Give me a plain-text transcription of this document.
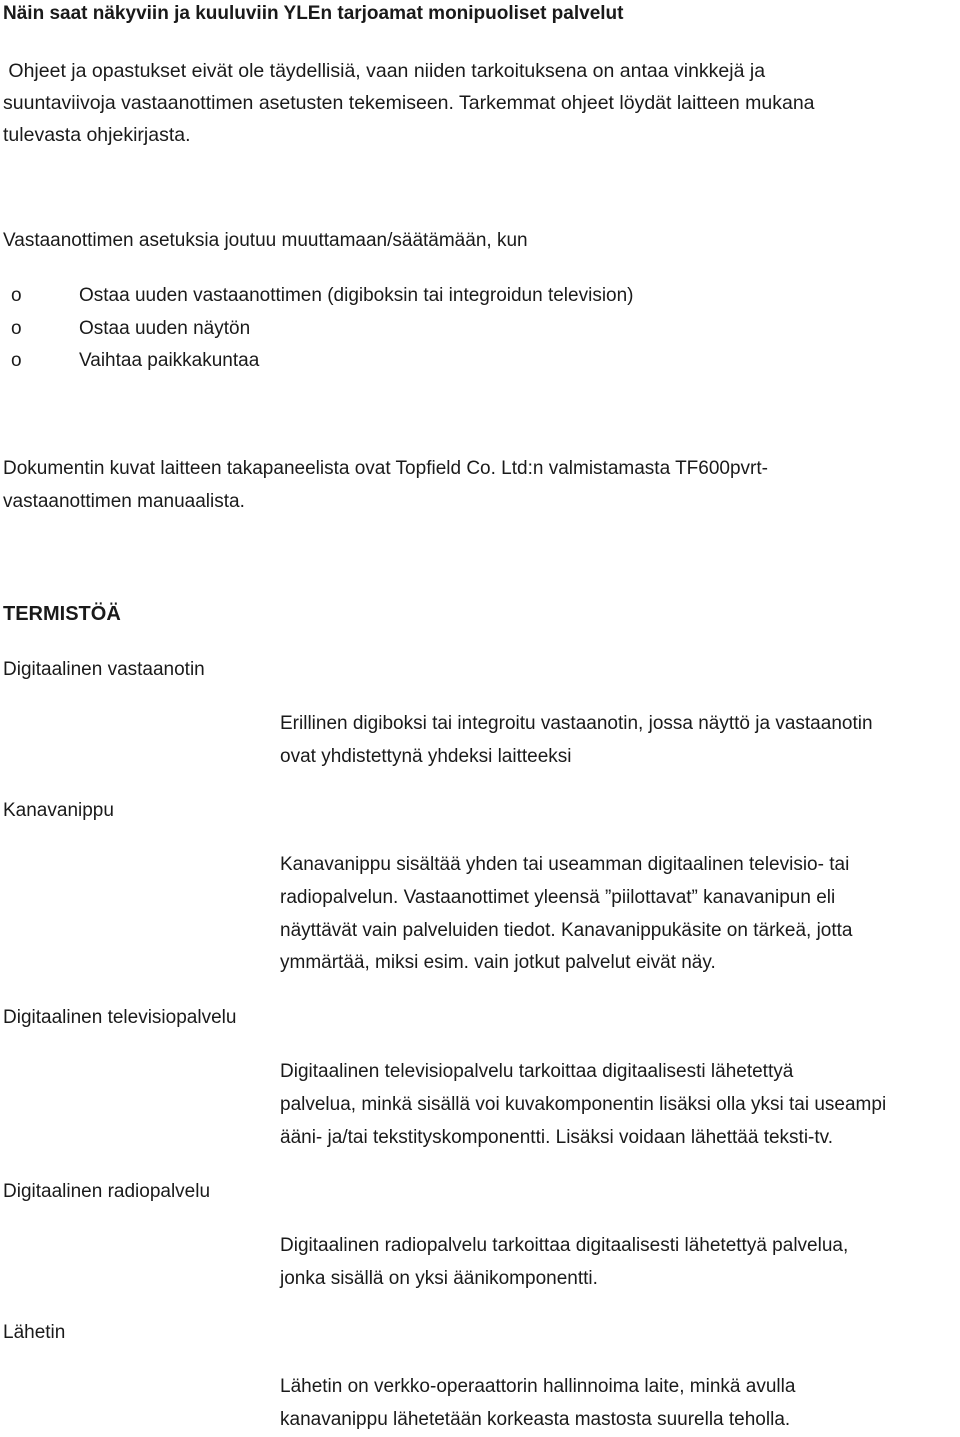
Näin saat näkyviin ja kuuluviin YLEn tarjoamat monipuoliset palvelut
Ohjeet ja opastukset eivät ole täydellisiä, vaan niiden tarkoituksena on antaa vinkkejä ja
suuntaviivoja vastaanottimen asetusten tekemiseen. Tarkemmat ohjeet löydät laitteen mukana
tulevasta ohjekirjasta.
Vastaanottimen asetuksia joutuu muuttamaan/säätämään, kun
o	Ostaa uuden vastaanottimen (digiboksin tai integroidun television)
o	Ostaa uuden näytön
o	Vaihtaa paikkakuntaa
Dokumentin kuvat laitteen takapaneelista ovat Topfield Co. Ltd:n valmistamasta TF600pvrt-
vastaanottimen manuaalista.
TERMISTÖÄ
Digitaalinen vastaanotin
Erillinen digiboksi tai integroitu vastaanotin, jossa näyttö ja vastaanotin
ovat yhdistettynä yhdeksi laitteeksi
Kanavanippu
Kanavanippu sisältää yhden tai useamman digitaalinen televisio- tai
radiopalvelun. Vastaanottimet yleensä ”piilottavat” kanavanipun eli
näyttävät vain palveluiden tiedot. Kanavanippukäsite on tärkeä, jotta
ymmärtää, miksi esim. vain jotkut palvelut eivät näy.
Digitaalinen televisiopalvelu
Digitaalinen televisiopalvelu tarkoittaa digitaalisesti lähetettyä
palvelua, minkä sisällä voi kuvakomponentin lisäksi olla yksi tai useampi
ääni- ja/tai tekstityskomponentti. Lisäksi voidaan lähettää teksti-tv.
Digitaalinen radiopalvelu
Digitaalinen radiopalvelu tarkoittaa digitaalisesti lähetettyä palvelua,
jonka sisällä on yksi äänikomponentti.
Lähetin
Lähetin on verkko-operaattorin hallinnoima laite, minkä avulla
kanavanippu lähetetään korkeasta mastosta suurella teholla.
